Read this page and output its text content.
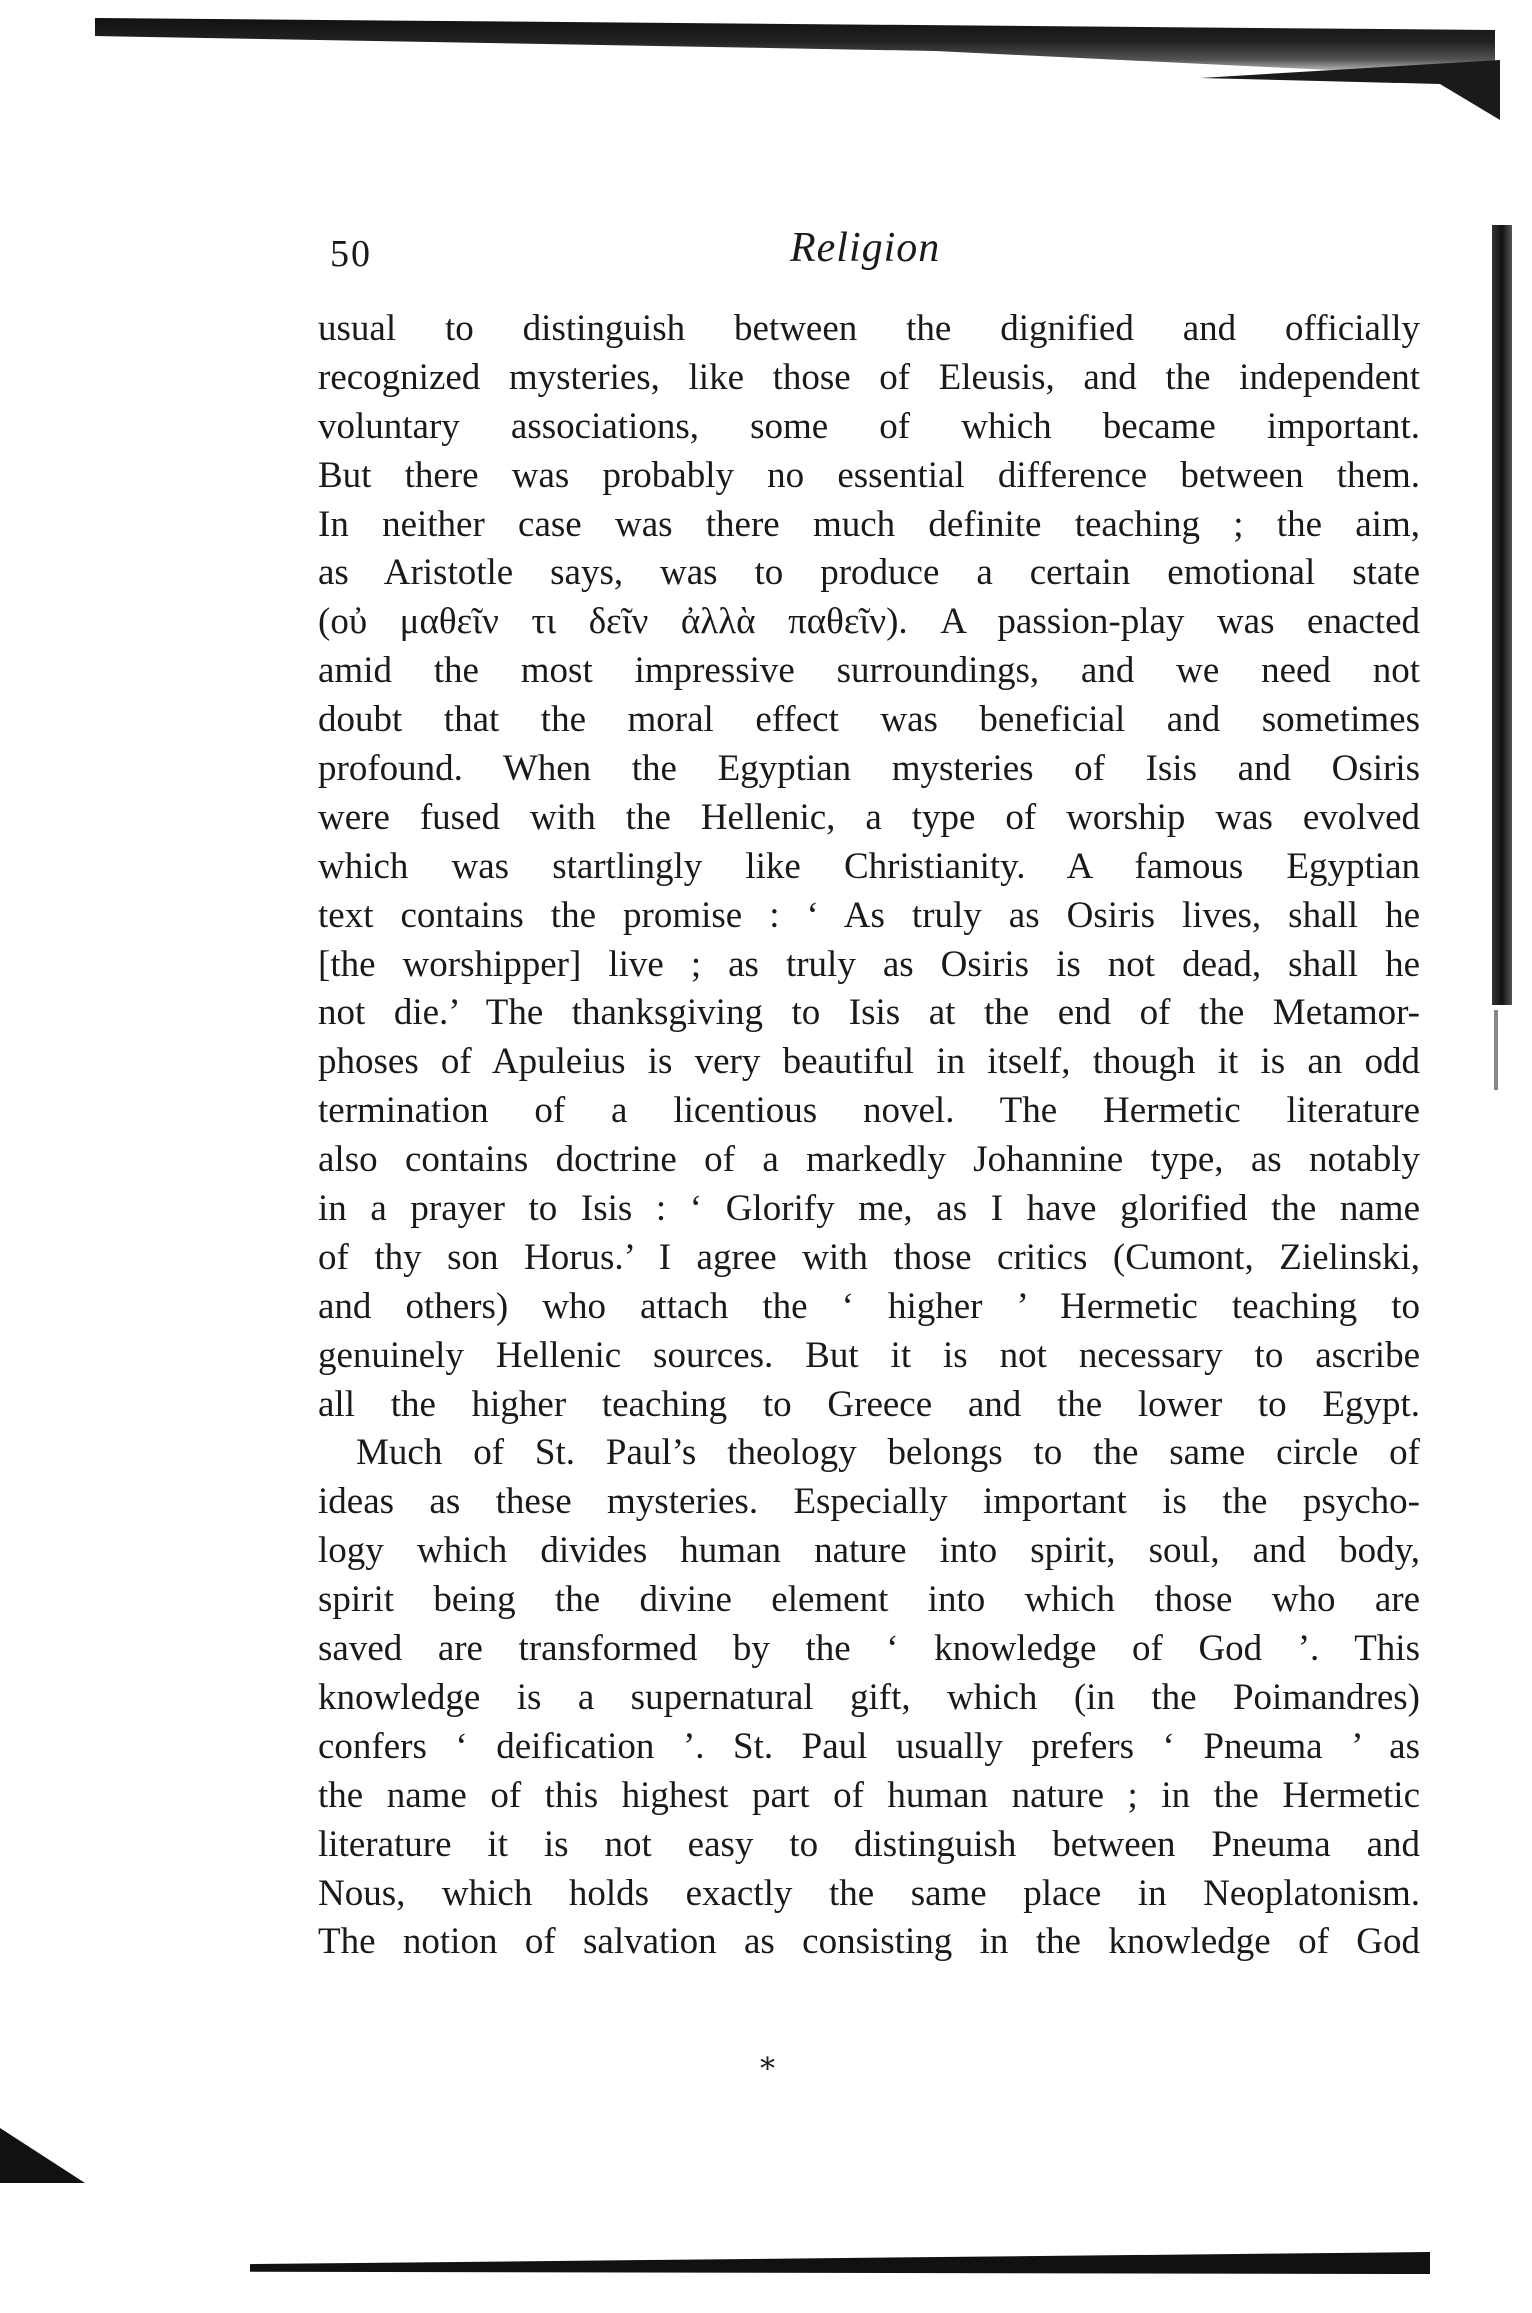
50	Religion
usual to distinguish between the dignified and officially
recognized mysteries, like those of Eleusis, and the independent
voluntary associations, some of which became important.
But there was probably no essential difference between them.
In neither case was there much definite teaching ; the aim,
as Aristotle says, was to produce a certain emotional state
(οὐ μαθεῖν τι δεῖν ἀλλὰ παθεῖν). A passion-play was enacted
amid the most impressive surroundings, and we need not
doubt that the moral effect was beneficial and sometimes
profound. When the Egyptian mysteries of Isis and Osiris
were fused with the Hellenic, a type of worship was evolved
which was startlingly like Christianity. A famous Egyptian
text contains the promise : ‘ As truly as Osiris lives, shall he
[the worshipper] live ; as truly as Osiris is not dead, shall he
not die.’ The thanksgiving to Isis at the end of the Metamor-
phoses of Apuleius is very beautiful in itself, though it is an odd
termination of a licentious novel. The Hermetic literature
also contains doctrine of a markedly Johannine type, as notably
in a prayer to Isis : ‘ Glorify me, as I have glorified the name
of thy son Horus.’ I agree with those critics (Cumont, Zielinski,
and others) who attach the ‘ higher ’ Hermetic teaching to
genuinely Hellenic sources. But it is not necessary to ascribe
all the higher teaching to Greece and the lower to Egypt.
Much of St. Paul’s theology belongs to the same circle of
ideas as these mysteries. Especially important is the psycho-
logy which divides human nature into spirit, soul, and body,
spirit being the divine element into which those who are
saved are transformed by the ‘ knowledge of God ’. This
knowledge is a supernatural gift, which (in the Poimandres)
confers ‘ deification ’. St. Paul usually prefers ‘ Pneuma ’ as
the name of this highest part of human nature ; in the Hermetic
literature it is not easy to distinguish between Pneuma and
Nous, which holds exactly the same place in Neoplatonism.
The notion of salvation as consisting in the knowledge of God
⁎
